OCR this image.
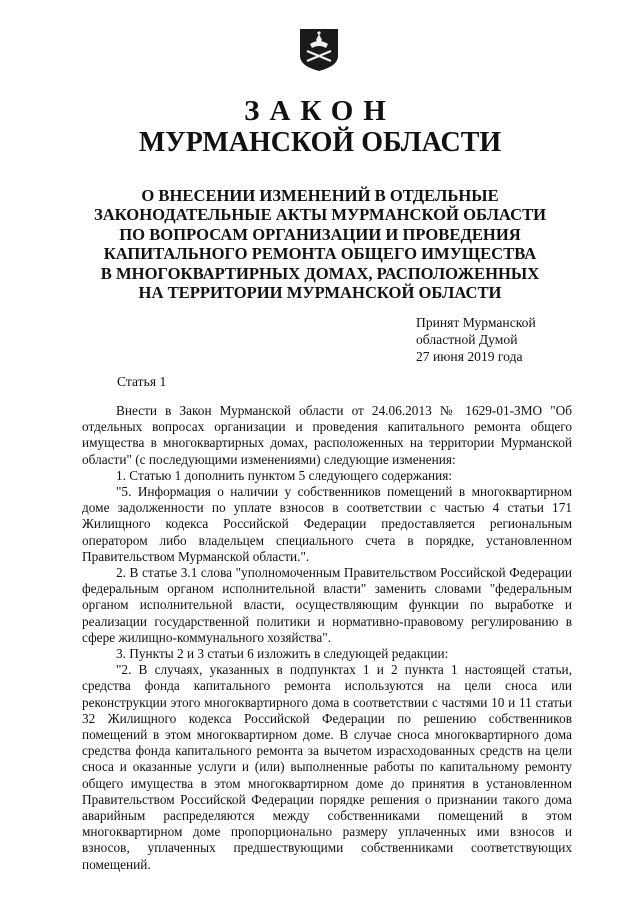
ЗАКОН
МУРМАНСКОЙ ОБЛАСТИ
О ВНЕСЕНИИ ИЗМЕНЕНИЙ В ОТДЕЛЬНЫЕ
ЗАКОНОДАТЕЛЬНЫЕ АКТЫ МУРМАНСКОЙ ОБЛАСТИ
ПО ВОПРОСАМ ОРГАНИЗАЦИИ И ПРОВЕДЕНИЯ
КАПИТАЛЬНОГО РЕМОНТА ОБЩЕГО ИМУЩЕСТВА
В МНОГОКВАРТИРНЫХ ДОМАХ, РАСПОЛОЖЕННЫХ
НА ТЕРРИТОРИИ МУРМАНСКОЙ ОБЛАСТИ
Принят Мурманской
областной Думой
27 июня 2019 года
Статья 1

Внести в Закон Мурманской области от 24.06.2013 № 1629-01-ЗМО "Об отдельных вопросах организации и проведения капитального ремонта общего имущества в многоквартирных домах, расположенных на территории Мурманской области" (с последующими изменениями) следующие изменения:

1. Статью 1 дополнить пунктом 5 следующего содержания:

"5. Информация о наличии у собственников помещений в многоквартирном доме задолженности по уплате взносов в соответствии с частью 4 статьи 171 Жилищного кодекса Российской Федерации предоставляется региональным оператором либо владельцем специального счета в порядке, установленном Правительством Мурманской области.".

2. В статье 3.1 слова "уполномоченным Правительством Российской Федерации федеральным органом исполнительной власти" заменить словами "федеральным органом исполнительной власти, осуществляющим функции по выработке и реализации государственной политики и нормативно-правовому регулированию в сфере жилищно-коммунального хозяйства".

3. Пункты 2 и 3 статьи 6 изложить в следующей редакции:

"2. В случаях, указанных в подпунктах 1 и 2 пункта 1 настоящей статьи, средства фонда капитального ремонта используются на цели сноса или реконструкции этого многоквартирного дома в соответствии с частями 10 и 11 статьи 32 Жилищного кодекса Российской Федерации по решению собственников помещений в этом многоквартирном доме. В случае сноса многоквартирного дома средства фонда капитального ремонта за вычетом израсходованных средств на цели сноса и оказанные услуги и (или) выполненные работы по капитальному ремонту общего имущества в этом многоквартирном доме до принятия в установленном Правительством Российской Федерации порядке решения о признании такого дома аварийным распределяются между собственниками помещений в этом многоквартирном доме пропорционально размеру уплаченных ими взносов и взносов, уплаченных предшествующими собственниками соответствующих помещений.
